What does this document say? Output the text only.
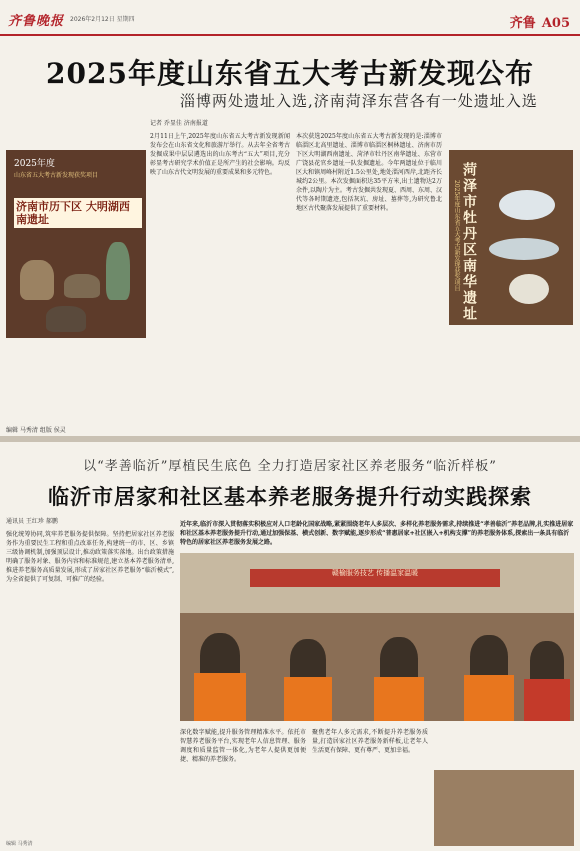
齐鲁晚报 2026年2月12日 星期四	齐鲁 A05
2025年度山东省五大考古新发现公布
淄博两处遗址入选,济南菏泽东营各有一处遗址入选
记者 乔显佳 济南报道
2025年度
山东省五大考古新发现获奖项目
济南市历下区 大明湖西南遗址
2月11日上午,2025年度山东省五大考古新发现新闻发布会在山东省文化和旅游厅举行。从去年全省考古发掘成果中层层遴选出的山东考古“五大”项目,充分彰显考古研究学术价值正是所产生的社会影响。均反映了山东古代文明发展的重要成果和多元特色。
本次获选2025年度山东省五大考古新发现的是:淄博市临淄区北高里遗址、淄博市临淄区桐林遗址、济南市历下区大明湖西南遗址、菏泽市牡丹区南华遗址、东营市广饶县花官乡遗址一队发掘遗址。今年两遗址位于临川区大和镇周峰村附近1.5公里处,地处淄河西岸,北距齐长城约2公里。本次发掘面积达35平方米,出土遗物达2万余件,以陶片为主。考古发掘共发现夏、西周、东周、汉代等各时期遗迹,包括灰坑、房址、墓葬等,为研究鲁北地区古代聚落发展提供了重要材料。	2025年度山东省五大考古新发现获奖项目 菏泽市牡丹区南华遗址
编辑 马秀清 组版 侯灵
以“孝善临沂”厚植民生底色 全力打造居家社区养老服务“临沂样板”
临沂市居家和社区基本养老服务提升行动实践探索
通讯员 王红珍 郝鹏	近年来,临沂市深入贯彻落实积极应对人口老龄化国家战略,紧紧围绕老年人多层次、多样化养老服务需求,持续推进“孝善临沂”养老品牌,扎实推进居家和社区基本养老服务提升行动,通过加强保基、横式创新、数字赋能,逐步形成“普惠居家+社区嵌入+机构支撑”的养老服务体系,探索出一条具有临沂特色的居家社区养老服务发展之路。
强化统筹协同,筑牢养老服务提供保障。坚持把居家社区养老服务作为重要民生工程和重点改革任务,构建统一的市、区、乡镇三级协调机制,加强顶层设计,推动政策落实落地。出台政策措施明确了服务对象、服务内容和标准规范,建立基本养老服务清单,推进养老服务高质量发展,形成了居家社区养老服务“临沂模式”,为全省提供了可复制、可推广的经验。
赣榆服务技艺 传播温家温暖
深化数字赋能,提升服务管理精准水平。依托市智慧养老服务平台,实现老年人信息管理、服务调度和质量监管一体化,为老年人提供更加便捷、精准的养老服务。
聚焦老年人多元需求,不断提升养老服务质量,打造居家社区养老服务新样板,让老年人生活更有保障、更有尊严、更加幸福。
编辑 马秀清
